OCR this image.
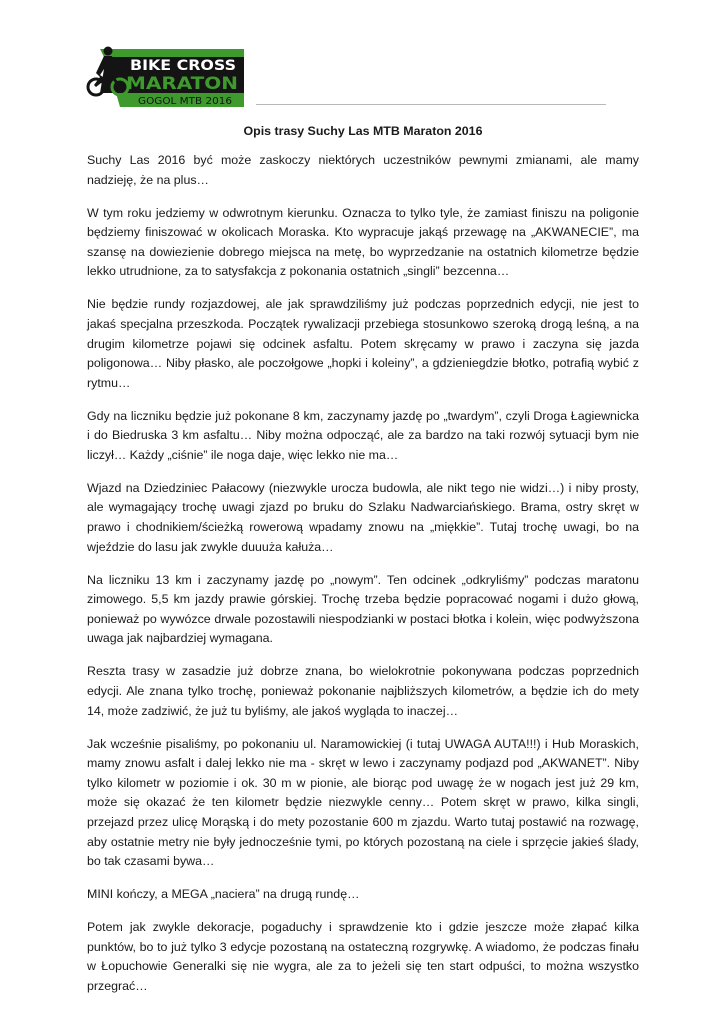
BIKE CROSS
MARATON
GOGOL MTB 2016
Opis trasy Suchy Las MTB Maraton 2016

Suchy Las 2016 być może zaskoczy niektórych uczestników pewnymi zmianami, ale mamy nadzieję, że na plus…

W tym roku jedziemy w odwrotnym kierunku. Oznacza to tylko tyle, że zamiast finiszu na poligonie będziemy finiszować w okolicach Moraska. Kto wypracuje jakąś przewagę na „AKWANECIE”, ma szansę na dowiezienie dobrego miejsca na metę, bo wyprzedzanie na ostatnich kilometrze będzie lekko utrudnione, za to satysfakcja z pokonania ostatnich „singli” bezcenna…

Nie będzie rundy rozjazdowej, ale jak sprawdziliśmy już podczas poprzednich edycji, nie jest to jakaś specjalna przeszkoda. Początek rywalizacji przebiega stosunkowo szeroką drogą leśną, a na drugim kilometrze pojawi się odcinek asfaltu. Potem skręcamy w prawo i zaczyna się jazda poligonowa… Niby płasko, ale poczołgowe „hopki i koleiny”, a gdzieniegdzie błotko, potrafią wybić z rytmu…

Gdy na liczniku będzie już pokonane 8 km, zaczynamy jazdę po „twardym”, czyli Droga Łagiewnicka i do Biedruska 3 km asfaltu… Niby można odpocząć, ale za bardzo na taki rozwój sytuacji bym nie liczył… Każdy „ciśnie” ile noga daje, więc lekko nie ma…

Wjazd na Dziedziniec Pałacowy (niezwykle urocza budowla, ale nikt tego nie widzi…) i niby prosty, ale wymagający trochę uwagi zjazd po bruku do Szlaku Nadwarciańskiego. Brama, ostry skręt w prawo i chodnikiem/ścieżką rowerową wpadamy znowu na „miękkie”. Tutaj trochę uwagi, bo na wjeździe do lasu jak zwykle duuuża kałuża…

Na liczniku 13 km i zaczynamy jazdę po „nowym”. Ten odcinek „odkryliśmy” podczas maratonu zimowego. 5,5 km jazdy prawie górskiej. Trochę trzeba będzie popracować nogami i dużo głową, ponieważ po wywózce drwale pozostawili niespodzianki w postaci błotka i kolein, więc podwyższona uwaga jak najbardziej wymagana.

Reszta trasy w zasadzie już dobrze znana, bo wielokrotnie pokonywana podczas poprzednich edycji. Ale znana tylko trochę, ponieważ pokonanie najbliższych kilometrów, a będzie ich do mety 14, może zadziwić, że już tu byliśmy, ale jakoś wygląda to inaczej…

Jak wcześnie pisaliśmy, po pokonaniu ul. Naramowickiej (i tutaj UWAGA AUTA!!!) i Hub Moraskich, mamy znowu asfalt i dalej lekko nie ma - skręt w lewo i zaczynamy podjazd pod „AKWANET”. Niby tylko kilometr w poziomie i ok. 30 m w pionie, ale biorąc pod uwagę że w nogach jest już 29 km, może się okazać że ten kilometr będzie niezwykle cenny… Potem skręt w prawo, kilka singli, przejazd przez ulicę Morąską i do mety pozostanie 600 m zjazdu. Warto tutaj postawić na rozwagę, aby ostatnie metry nie były jednocześnie tymi, po których pozostaną na ciele i sprzęcie jakieś ślady, bo tak czasami bywa…

MINI kończy, a MEGA „naciera” na drugą rundę…

Potem jak zwykle dekoracje, pogaduchy i sprawdzenie kto i gdzie jeszcze może złapać kilka punktów, bo to już tylko 3 edycje pozostaną na ostateczną rozgrywkę. A wiadomo, że podczas finału w Łopuchowie Generalki się nie wygra, ale za to jeżeli się ten start odpuści, to można wszystko przegrać…
